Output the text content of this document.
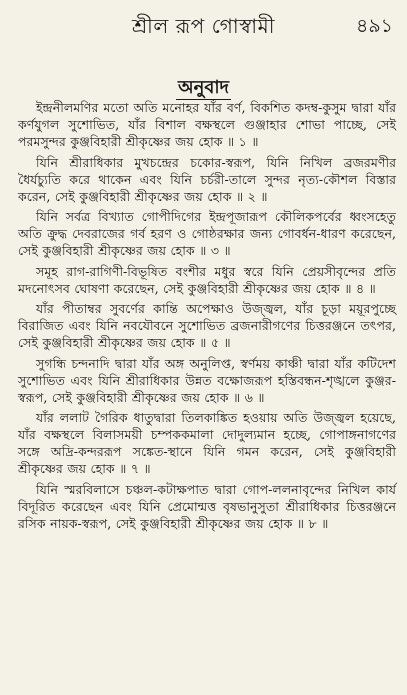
শ্রীল রূপ গোস্বামী	৪৯১
অনুবাদ

ইন্দ্রনীলমণির মতো অতি মনোহর যাঁর বর্ণ, বিকশিত কদম্ব-কুসুম দ্বারা যাঁর কর্ণযুগল সুশোভিত, যাঁর বিশাল বক্ষস্থলে গুঞ্জাহার শোভা পাচ্ছে, সেই পরমসুন্দর কুঞ্জবিহারী শ্রীকৃষ্ণের জয় হোক ॥ ১ ॥

যিনি শ্রীরাধিকার মুখচন্দ্রের চকোর-স্বরূপ, যিনি নিখিল ব্রজরমণীর ধৈর্যচ্যুতি করে থাকেন এবং যিনি চর্চরী-তালে সুন্দর নৃত্য-কৌশল বিস্তার করেন, সেই কুঞ্জবিহারী শ্রীকৃষ্ণের জয় হোক ॥ ২ ॥

যিনি সর্বত্র বিখ্যাত গোপীদিগের ইন্দ্রপূজারূপ কৌলিকপর্বের ধ্বংসহেতু অতি ক্রুদ্ধ দেবরাজের গর্ব হরণ ও গোষ্ঠরক্ষার জন্য গোবর্ধন-ধারণ করেছেন, সেই কুঞ্জবিহারী শ্রীকৃষ্ণের জয় হোক ॥ ৩ ॥

সমূহ রাগ-রাগিণী-বিভূষিত বংশীর মধুর স্বরে যিনি প্রেয়সীবৃন্দের প্রতি মদনোৎসব ঘোষণা করেছেন, সেই কুঞ্জবিহারী শ্রীকৃষ্ণের জয় হোক ॥ ৪ ॥

যাঁর পীতাম্বর সুবর্ণের কান্তি অপেক্ষাও উজ্জ্বল, যাঁর চূড়া ময়ূরপুচ্ছে বিরাজিত এবং যিনি নবযৌবনে সুশোভিত ব্রজনারীগণের চিত্তরঞ্জনে তৎপর, সেই কুঞ্জবিহারী শ্রীকৃষ্ণের জয় হোক ॥ ৫ ॥

সুগন্ধি চন্দনাদি দ্বারা যাঁর অঙ্গ অনুলিপ্ত, স্বর্ণময় কাঞ্চী দ্বারা যাঁর কটিদেশ সুশোভিত এবং যিনি শ্রীরাধিকার উন্নত বক্ষোজরূপ হস্তিবন্ধন-শৃঙ্খলে কুঞ্জর-স্বরূপ, সেই কুঞ্জবিহারী শ্রীকৃষ্ণের জয় হোক ॥ ৬ ॥

যাঁর ললাট গৈরিক ধাতুদ্বারা তিলকাঙ্কিত হওয়ায় অতি উজ্জ্বল হয়েছে, যাঁর বক্ষস্থলে বিলাসময়ী চম্পককমালা দোদুল্যমান হচ্ছে, গোপাঙ্গনাগণের সঙ্গে অদ্রি-কন্দররূপ সঙ্কেত-স্থানে যিনি গমন করেন, সেই কুঞ্জবিহারী শ্রীকৃষ্ণের জয় হোক ॥ ৭ ॥

যিনি স্মরবিলাসে চঞ্চল-কটাক্ষপাত দ্বারা গোপ-ললনাবৃন্দের নিখিল কার্য বিদূরিত করেছেন এবং যিনি প্রেমোন্মত্ত বৃষভানুসুতা শ্রীরাধিকার চিত্তরঞ্জনে রসিক নায়ক-স্বরূপ, সেই কুঞ্জবিহারী শ্রীকৃষ্ণের জয় হোক ॥ ৮ ॥
